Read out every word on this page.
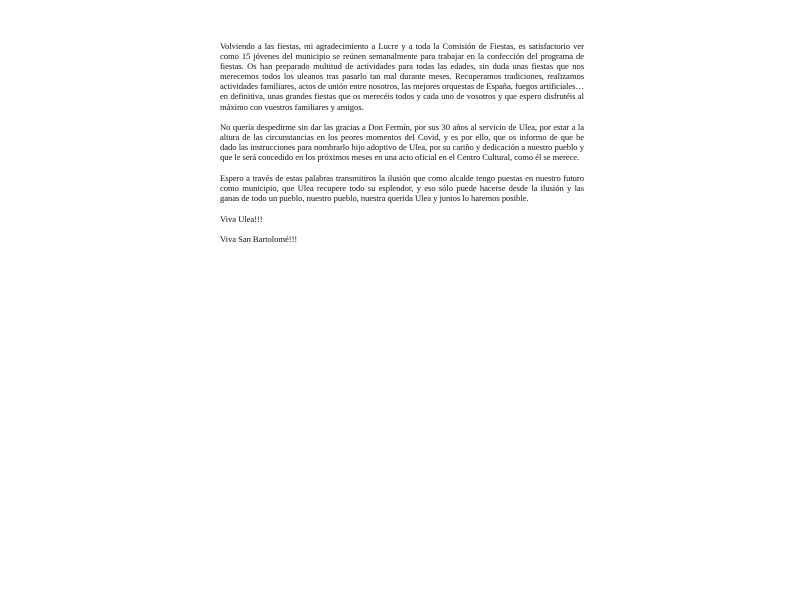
Volviendo a las fiestas, mi agradecimiento a Lucre y a toda la Comisión de Fiestas, es satisfactorio ver como 15 jóvenes del municipio se reúnen semanalmente para trabajar en la confección del programa de fiestas. Os han preparado multitud de actividades para todas las edades, sin duda unas fiestas que nos merecemos todos los uleanos tras pasarlo tan mal durante meses. Recuperamos tradiciones, realizamos actividades familiares, actos de unión entre nosotros, las mejores orquestas de España, fuegos artificiales… en definitiva, unas grandes fiestas que os merecéis todos y cada uno de vosotros y que espero disfrutéis al máximo con vuestros familiares y amigos.

No quería despedirme sin dar las gracias a Don Fermín, por sus 30 años al servicio de Ulea, por estar a la altura de las circunstancias en los peores momentos del Covid, y es por ello, que os informo de que he dado las instrucciones para nombrarlo hijo adoptivo de Ulea, por su cariño y dedicación a nuestro pueblo y que le será concedido en los próximos meses en una acto oficial en el Centro Cultural, como él se merece.

Espero a través de estas palabras transmitiros la ilusión que como alcalde tengo puestas en nuestro futuro como municipio, que Ulea recupere todo su esplendor, y eso sólo puede hacerse desde la ilusión y las ganas de todo un pueblo, nuestro pueblo, nuestra querida Ulea y juntos lo haremos posible.

Viva Ulea!!!

Viva San Bartolomé!!!
